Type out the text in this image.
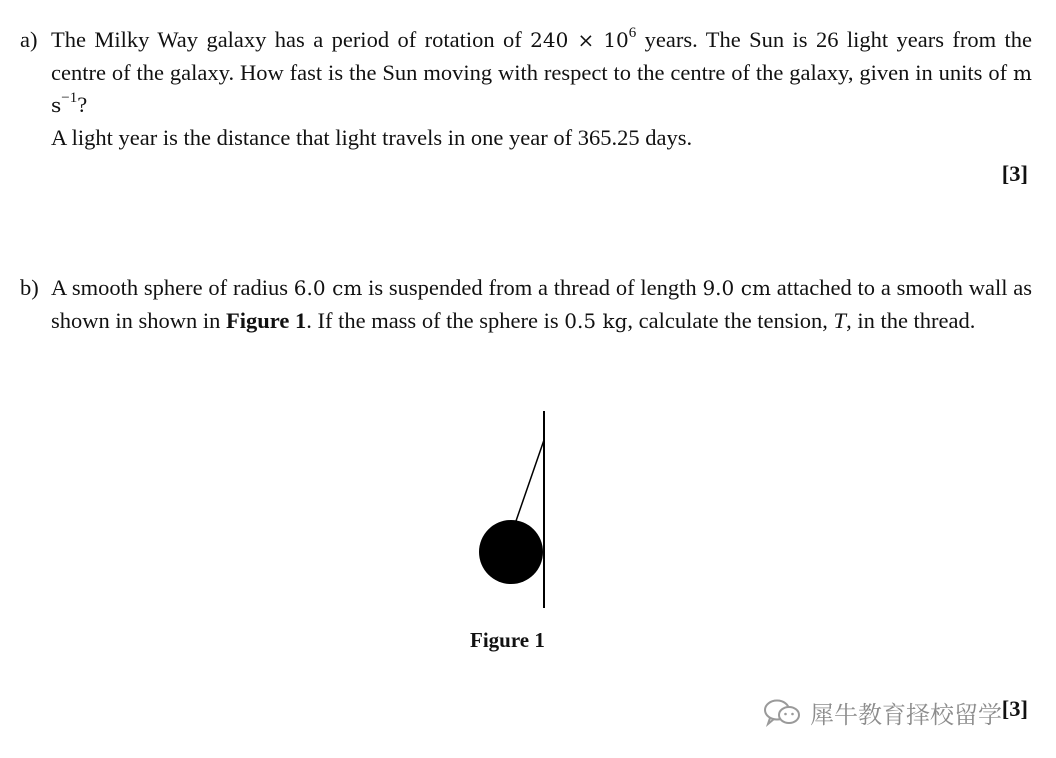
a) The Milky Way galaxy has a period of rotation of $240 \times 10^6$ years. The Sun is 26 light years from the centre of the galaxy. How fast is the Sun moving with respect to the centre of the galaxy, given in units of m $s^{-1}$?

A light year is the distance that light travels in one year of 365.25 days.

[3]
b) A smooth sphere of radius 6.0 cm is suspended from a thread of length 9.0 cm attached to a smooth wall as shown in shown in Figure 1. If the mass of the sphere is 0.5 kg, calculate the tension, T, in the thread.

Figure 1
[3]
犀牛教育择校留学
